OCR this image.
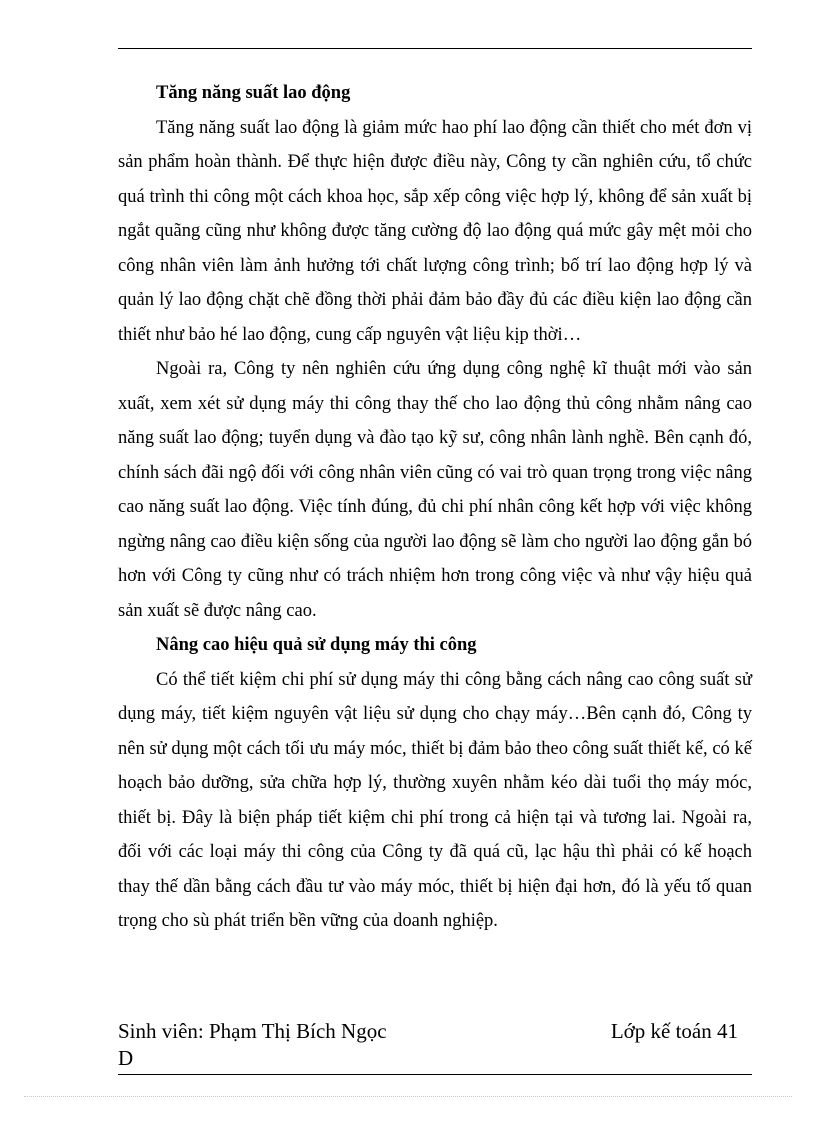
Tăng năng suất lao động

Tăng năng suất lao động là giảm mức hao phí lao động cần thiết cho mét đơn vị sản phẩm hoàn thành. Để thực hiện được điều này, Công ty cần nghiên cứu, tổ chức quá trình thi công một cách khoa học, sắp xếp công việc hợp lý, không để sản xuất bị ngắt quãng cũng như không được tăng cường độ lao động quá mức gây mệt mỏi cho công nhân viên làm ảnh hưởng tới chất lượng công trình; bố trí lao động hợp lý và quản lý lao động chặt chẽ đồng thời phải đảm bảo đầy đủ các điều kiện lao động cần thiết như bảo hé lao động, cung cấp nguyên vật liệu kịp thời…

Ngoài ra, Công ty nên nghiên cứu ứng dụng công nghệ kĩ thuật mới vào sản xuất, xem xét sử dụng máy thi công thay thế cho lao động thủ công nhằm nâng cao năng suất lao động; tuyển dụng và đào tạo kỹ sư, công nhân lành nghề. Bên cạnh đó, chính sách đãi ngộ đối với công nhân viên cũng có vai trò quan trọng trong việc nâng cao năng suất lao động. Việc tính đúng, đủ chi phí nhân công kết hợp với việc không ngừng nâng cao điều kiện sống của người lao động sẽ làm cho người lao động gắn bó hơn với Công ty cũng như có trách nhiệm hơn trong công việc và như vậy hiệu quả sản xuất sẽ được nâng cao.

Nâng cao hiệu quả sử dụng máy thi công

Có thể tiết kiệm chi phí sử dụng máy thi công bằng cách nâng cao công suất sử dụng máy, tiết kiệm nguyên vật liệu sử dụng cho chạy máy…Bên cạnh đó, Công ty nên sử dụng một cách tối ưu máy móc, thiết bị đảm bảo theo công suất thiết kế, có kế hoạch bảo dưỡng, sửa chữa hợp lý, thường xuyên nhằm kéo dài tuổi thọ máy móc, thiết bị. Đây là biện pháp tiết kiệm chi phí trong cả hiện tại và tương lai. Ngoài ra, đối với các loại máy thi công của Công ty đã quá cũ, lạc hậu thì phải có kế hoạch thay thế dần bằng cách đầu tư vào máy móc, thiết bị hiện đại hơn, đó là yếu tố quan trọng cho sù phát triển bền vững của doanh nghiệp.

Sinh viên: Phạm Thị Bích Ngọc
D
Lớp kế toán 41
